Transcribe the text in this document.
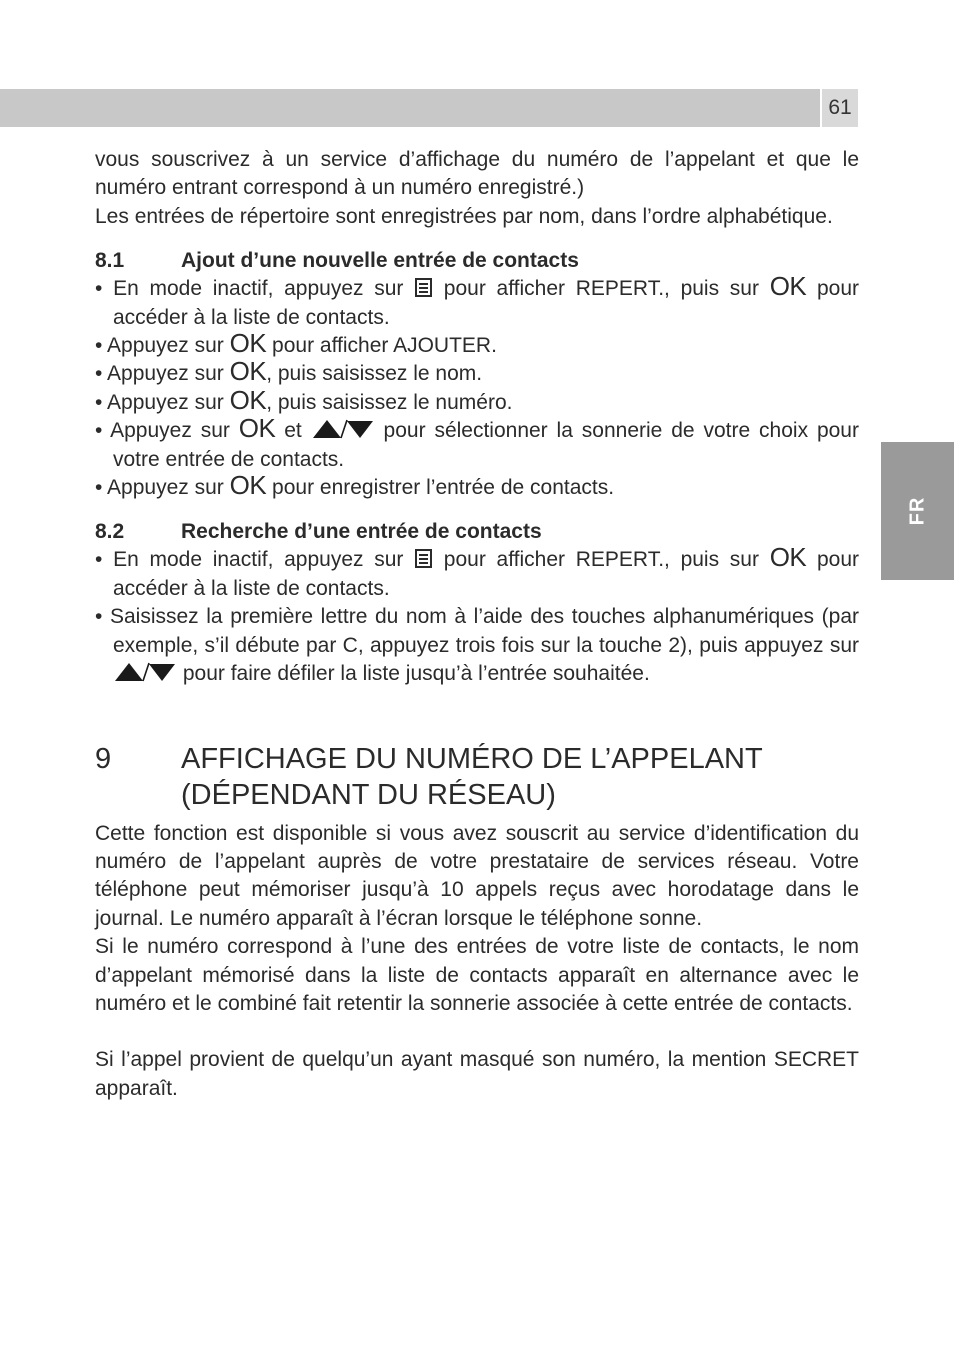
61
FR

vous souscrivez à un service d’affichage du numéro de l’appelant et que le numéro entrant correspond à un numéro enregistré.)

Les entrées de répertoire sont enregistrées par nom, dans l’ordre alphabétique.

8.1	Ajout d’une nouvelle entrée de contacts
• En mode inactif, appuyez sur  pour afficher REPERT., puis sur OK pour accéder à la liste de contacts.
• Appuyez sur OK pour afficher AJOUTER.
• Appuyez sur OK, puis saisissez le nom.
• Appuyez sur OK, puis saisissez le numéro.
• Appuyez sur OK et	pour sélectionner la sonnerie de votre choix pour votre entrée de contacts.
• Appuyez sur OK pour enregistrer l’entrée de contacts.
8.2	Recherche d’une entrée de contacts
• En mode inactif, appuyez sur  pour afficher REPERT., puis sur OK pour accéder à la liste de contacts.
• Saisissez la première lettre du nom à l’aide des touches alphanumériques (par exemple, s’il débute par C, appuyez trois fois sur la touche 2), puis appuyez sur  pour faire défiler la liste jusqu’à l’entrée souhaitée.
9	AFFICHAGE DU NUMÉRO DE L’APPELANT
(DÉPENDANT DU RÉSEAU)

Cette fonction est disponible si vous avez souscrit au service d’identification du numéro de l’appelant auprès de votre prestataire de services réseau. Votre téléphone peut mémoriser jusqu’à 10 appels reçus avec horodatage dans le journal. Le numéro apparaît à l’écran lorsque le téléphone sonne.

Si le numéro correspond à l’une des entrées de votre liste de contacts, le nom d’appelant mémorisé dans la liste de contacts apparaît en alternance avec le numéro et le combiné fait retentir la sonnerie associée à cette entrée de contacts.

Si l’appel provient de quelqu’un ayant masqué son numéro, la mention SECRET apparaît.
